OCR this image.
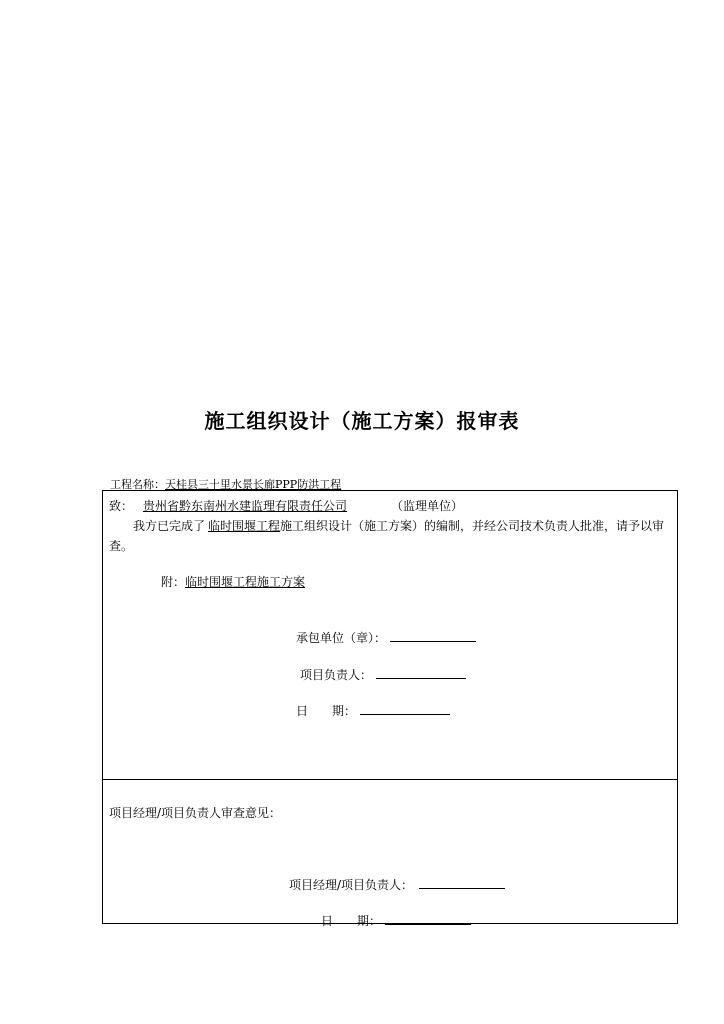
施工组织设计（施工方案）报审表
工程名称：天桂县三十里水景长廊PPP防洪工程
致： 贵州省黔东南州水建监理有限责任公司	（监理单位）
我方已完成了 临时围堰工程施工组织设计（施工方案）的编制，并经公司技术负责人批准，请予以审查。
附：临时围堰工程施工方案
承包单位（章）：
项目负责人：
日　　期：
项目经理/项目负责人审查意见：
项目经理/项目负责人：
日　　期：
